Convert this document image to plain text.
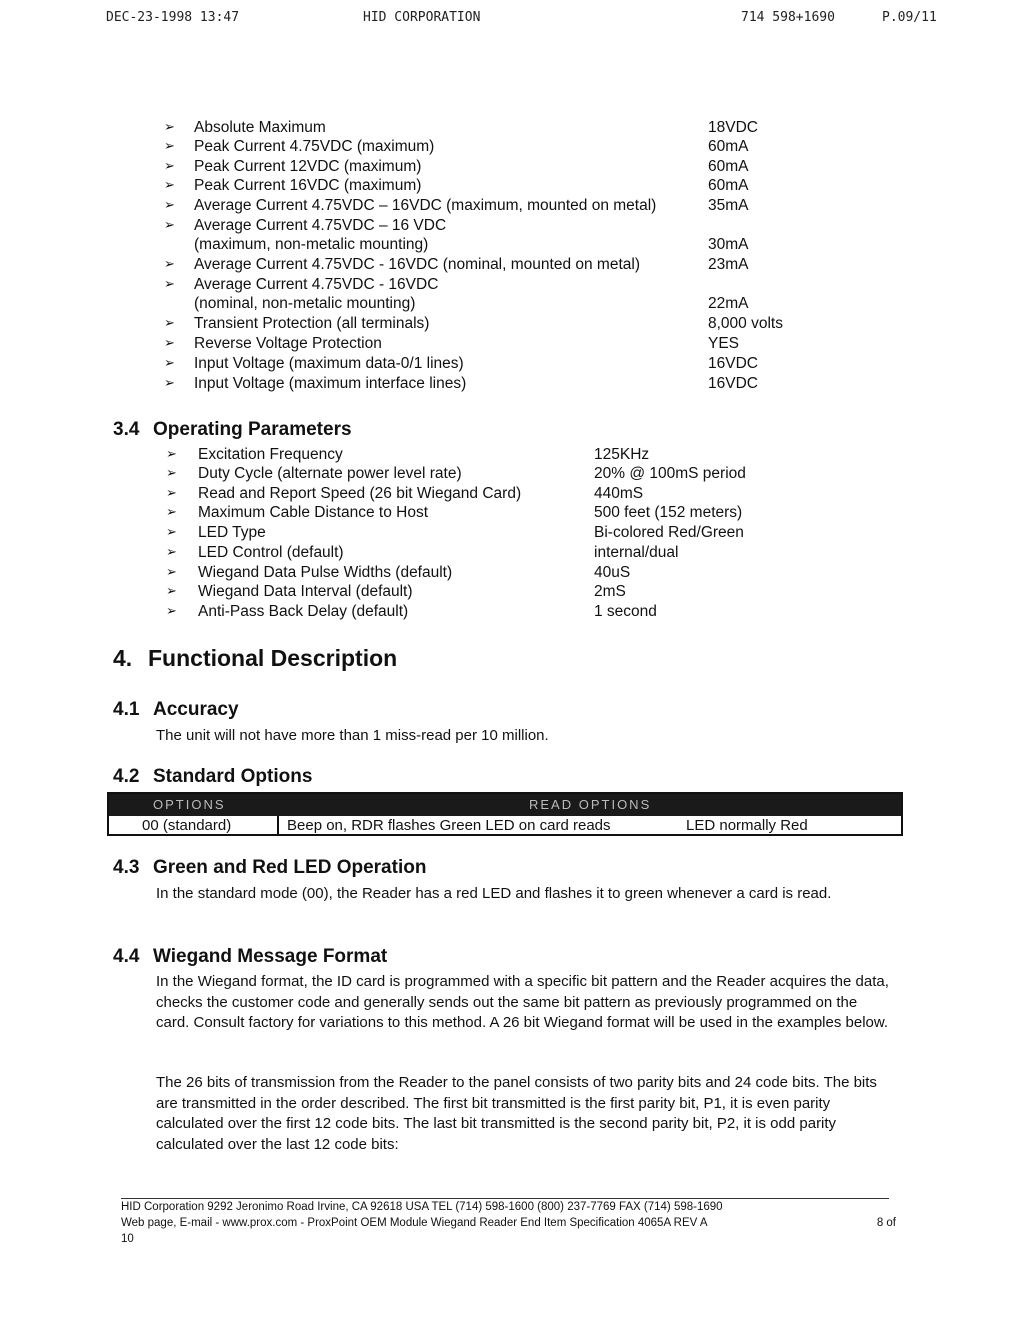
DEC-23-1998 13:47	HID CORPORATION	714 598+1690	P.09/11
➢ Absolute Maximum	18VDC
➢ Peak Current 4.75VDC (maximum)	60mA
➢ Peak Current 12VDC (maximum)	60mA
➢ Peak Current 16VDC (maximum)	60mA
➢ Average Current 4.75VDC – 16VDC (maximum, mounted on metal)	35mA
➢ Average Current 4.75VDC – 16 VDC
(maximum, non-metalic mounting)	30mA
➢ Average Current 4.75VDC - 16VDC (nominal, mounted on metal)	23mA
➢ Average Current 4.75VDC - 16VDC
(nominal, non-metalic mounting)	22mA
➢ Transient Protection (all terminals)	8,000 volts
➢ Reverse Voltage Protection	YES
➢ Input Voltage (maximum data-0/1 lines)	16VDC
➢ Input Voltage (maximum interface lines)	16VDC
3.4 Operating Parameters
➢ Excitation Frequency	125KHz
➢ Duty Cycle (alternate power level rate)	20% @ 100mS period
➢ Read and Report Speed (26 bit Wiegand Card)	440mS
➢ Maximum Cable Distance to Host	500 feet (152 meters)
➢ LED Type	Bi-colored Red/Green
➢ LED Control (default)	internal/dual
➢ Wiegand Data Pulse Widths (default)	40uS
➢ Wiegand Data Interval (default)	2mS
➢ Anti-Pass Back Delay (default)	1 second
4. Functional Description
4.1 Accuracy
The unit will not have more than 1 miss-read per 10 million.
4.2 Standard Options
OPTIONS	READ OPTIONS
00 (standard)	Beep on, RDR flashes Green LED on card reads	LED normally Red
4.3 Green and Red LED Operation
In the standard mode (00), the Reader has a red LED and flashes it to green whenever a card is read.
4.4 Wiegand Message Format
In the Wiegand format, the ID card is programmed with a specific bit pattern and the Reader acquires the data, checks the customer code and generally sends out the same bit pattern as previously programmed on the card. Consult factory for variations to this method. A 26 bit Wiegand format will be used in the examples below.
The 26 bits of transmission from the Reader to the panel consists of two parity bits and 24 code bits. The bits are transmitted in the order described. The first bit transmitted is the first parity bit, P1, it is even parity calculated over the first 12 code bits. The last bit transmitted is the second parity bit, P2, it is odd parity calculated over the last 12 code bits:
HID Corporation 9292 Jeronimo Road Irvine, CA 92618 USA TEL (714) 598-1600 (800) 237-7769 FAX (714) 598-1690
Web page, E-mail - www.prox.com - ProxPoint OEM Module Wiegand Reader End Item Specification 4065A REV A
10
8 of
